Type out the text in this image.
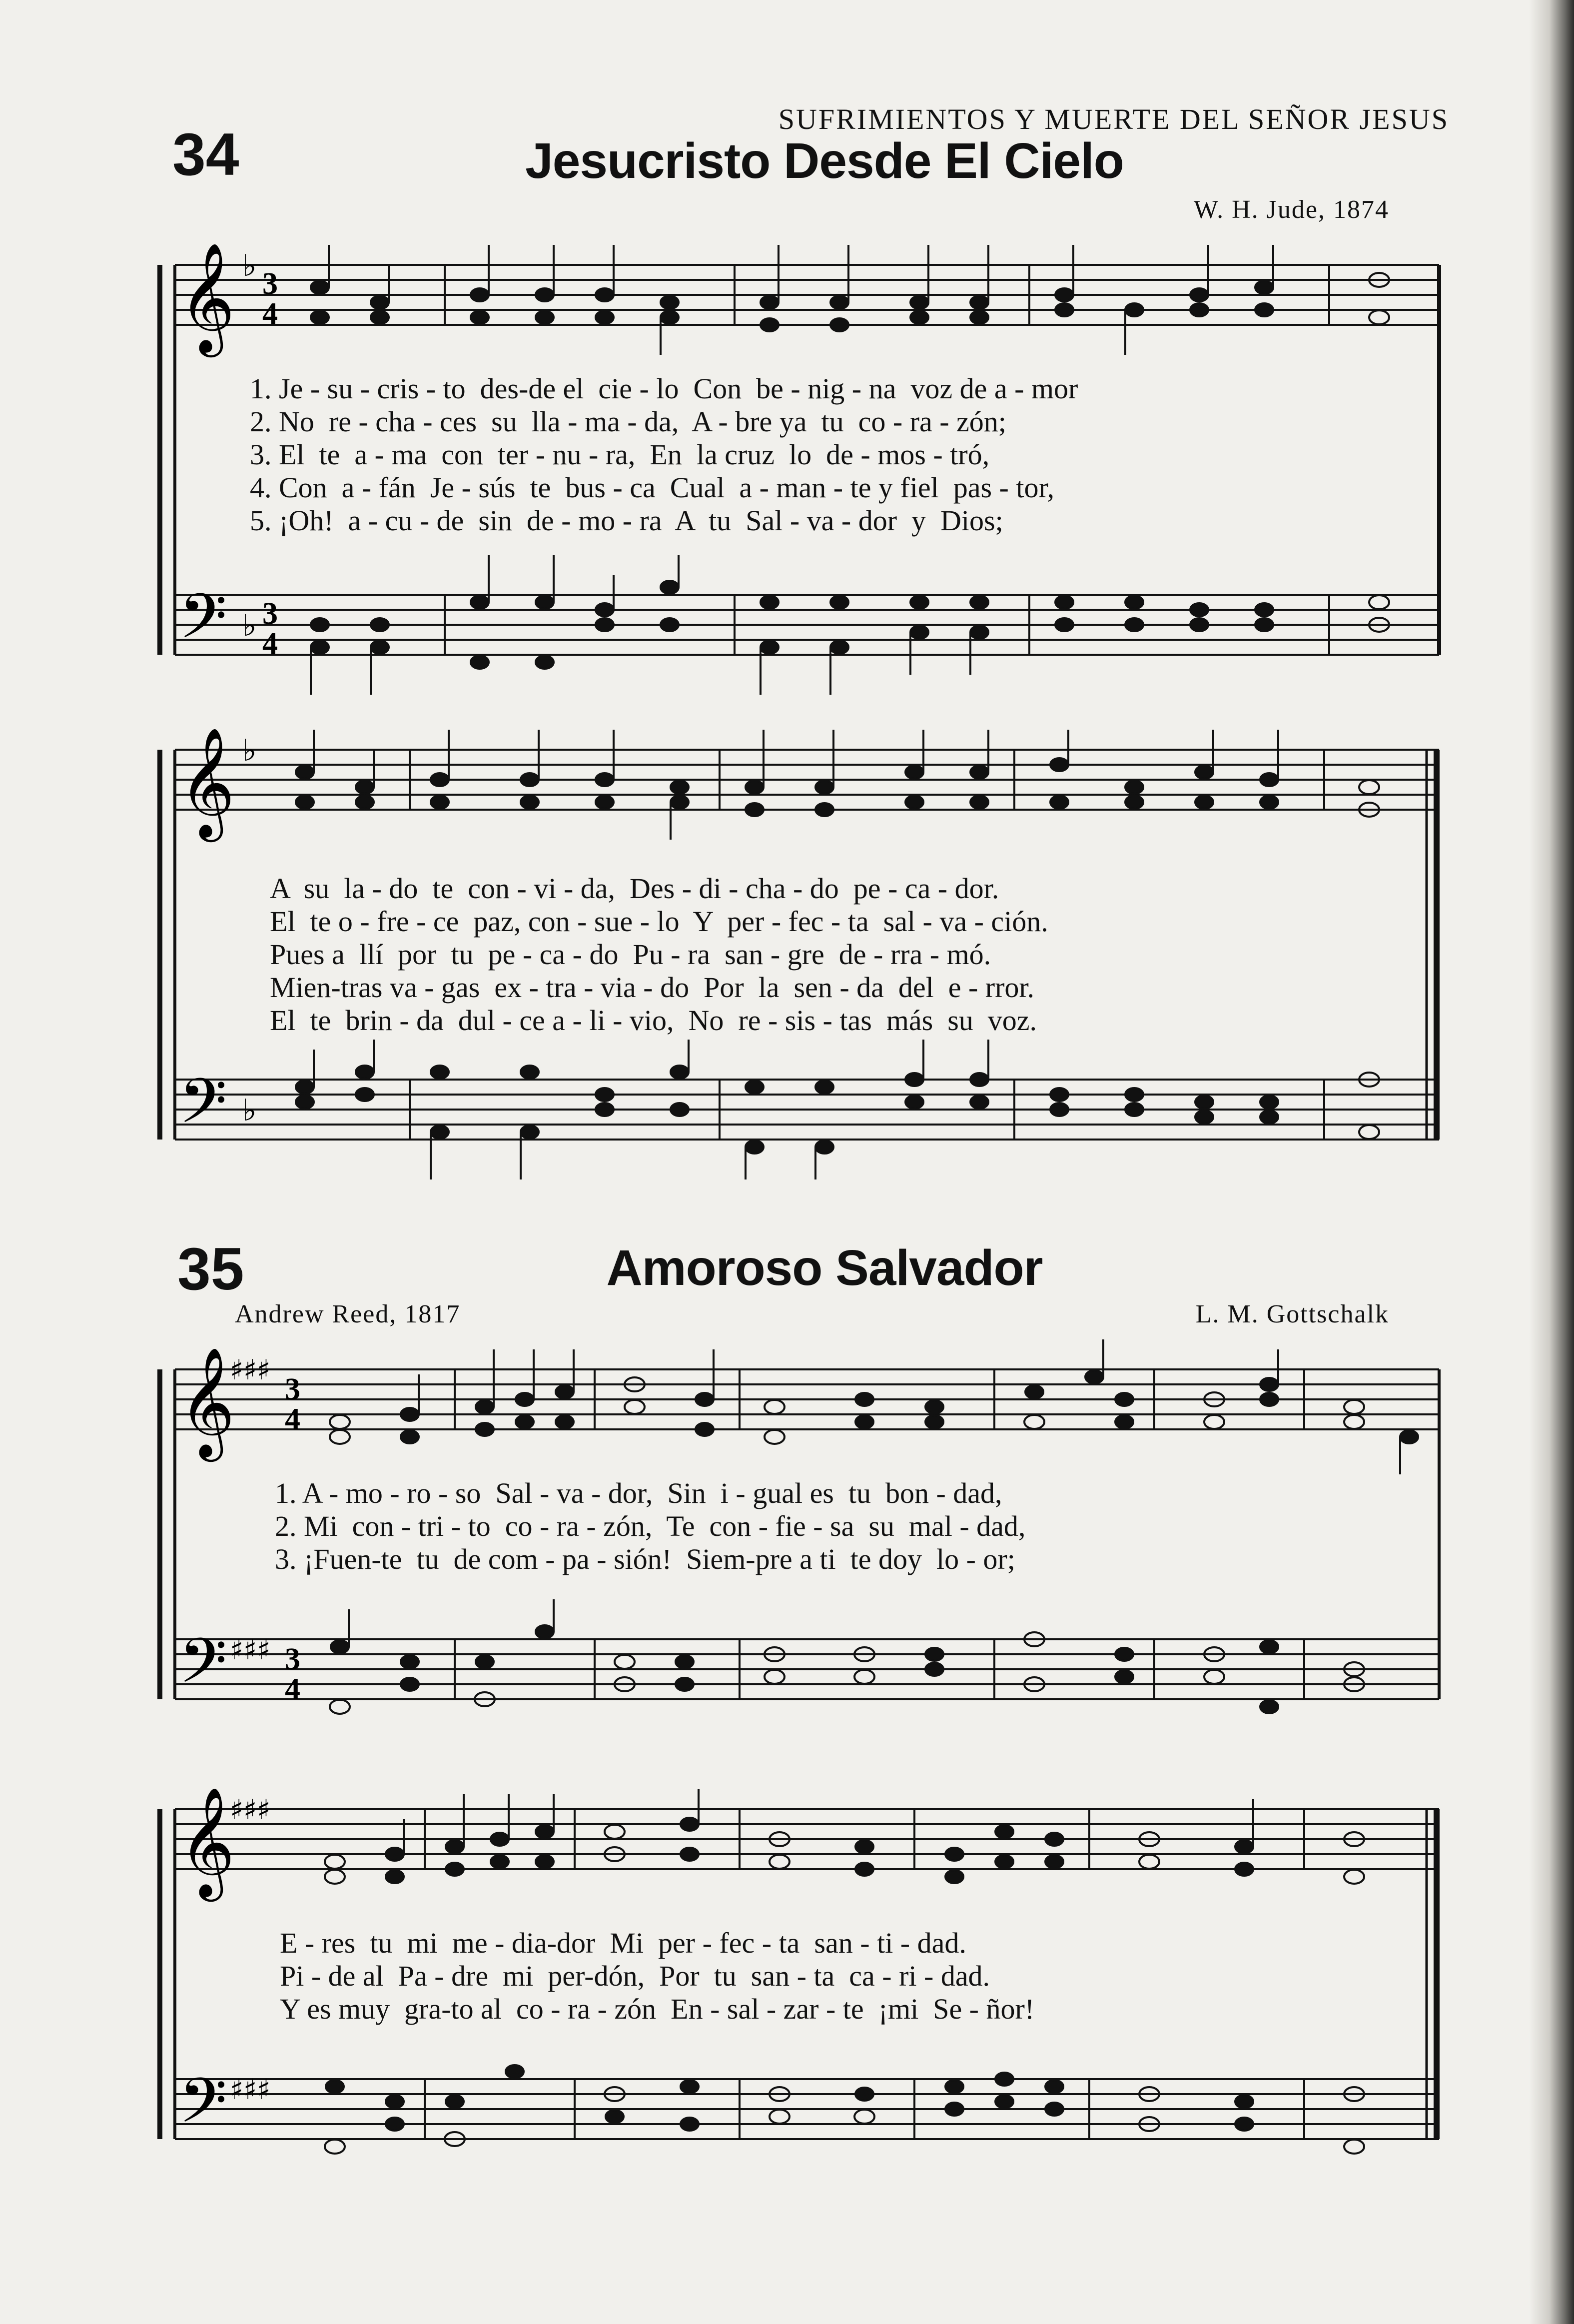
SUFRIMIENTOS Y MUERTE DEL SEÑOR JESUS
34	Jesucristo Desde El Cielo
W. H. Jude, 1874
𝄞
𝄢
♭
♭
3
4
3
4
1. Je - su - cris - to  des-de el  cie - lo  Con  be - nig - na  voz de a - mor
2. No  re - cha - ces  su  lla - ma - da,  A - bre ya  tu  co - ra - zón;
3. El  te  a - ma  con  ter - nu - ra,  En  la cruz  lo  de - mos - tró,
4. Con  a - fán  Je - sús  te  bus - ca  Cual  a - man - te y fiel  pas - tor,
5. ¡Oh!  a - cu - de  sin  de - mo - ra  A  tu  Sal - va - dor  y  Dios;
𝄞
𝄢
♭
♭
A  su  la - do  te  con - vi - da,  Des - di - cha - do  pe - ca - dor.
El  te o - fre - ce  paz, con - sue - lo  Y  per - fec - ta  sal - va - ción.
Pues a  llí  por  tu  pe - ca - do  Pu - ra  san - gre  de - rra - mó.
Mien-tras va - gas  ex - tra - via - do  Por  la  sen - da  del  e - rror.
El  te  brin - da  dul - ce a - li - vio,  No  re - sis - tas  más  su  voz.
35	Amoroso Salvador
Andrew Reed, 1817	L. M. Gottschalk
𝄞
𝄢
♯♯♯
♯♯♯
3
4
3
4
1. A - mo - ro - so  Sal - va - dor,  Sin  i - gual es  tu  bon - dad,
2. Mi  con - tri - to  co - ra - zón,  Te  con - fie - sa  su  mal - dad,
3. ¡Fuen-te  tu  de com - pa - sión!  Siem-pre a ti  te doy  lo - or;
𝄞
𝄢
♯♯♯
♯♯♯
E - res  tu  mi  me - dia-dor  Mi  per - fec - ta  san - ti - dad.
Pi - de al  Pa - dre  mi  per-dón,  Por  tu  san - ta  ca - ri - dad.
Y es muy  gra-to al  co - ra - zón  En - sal - zar - te  ¡mi  Se - ñor!
